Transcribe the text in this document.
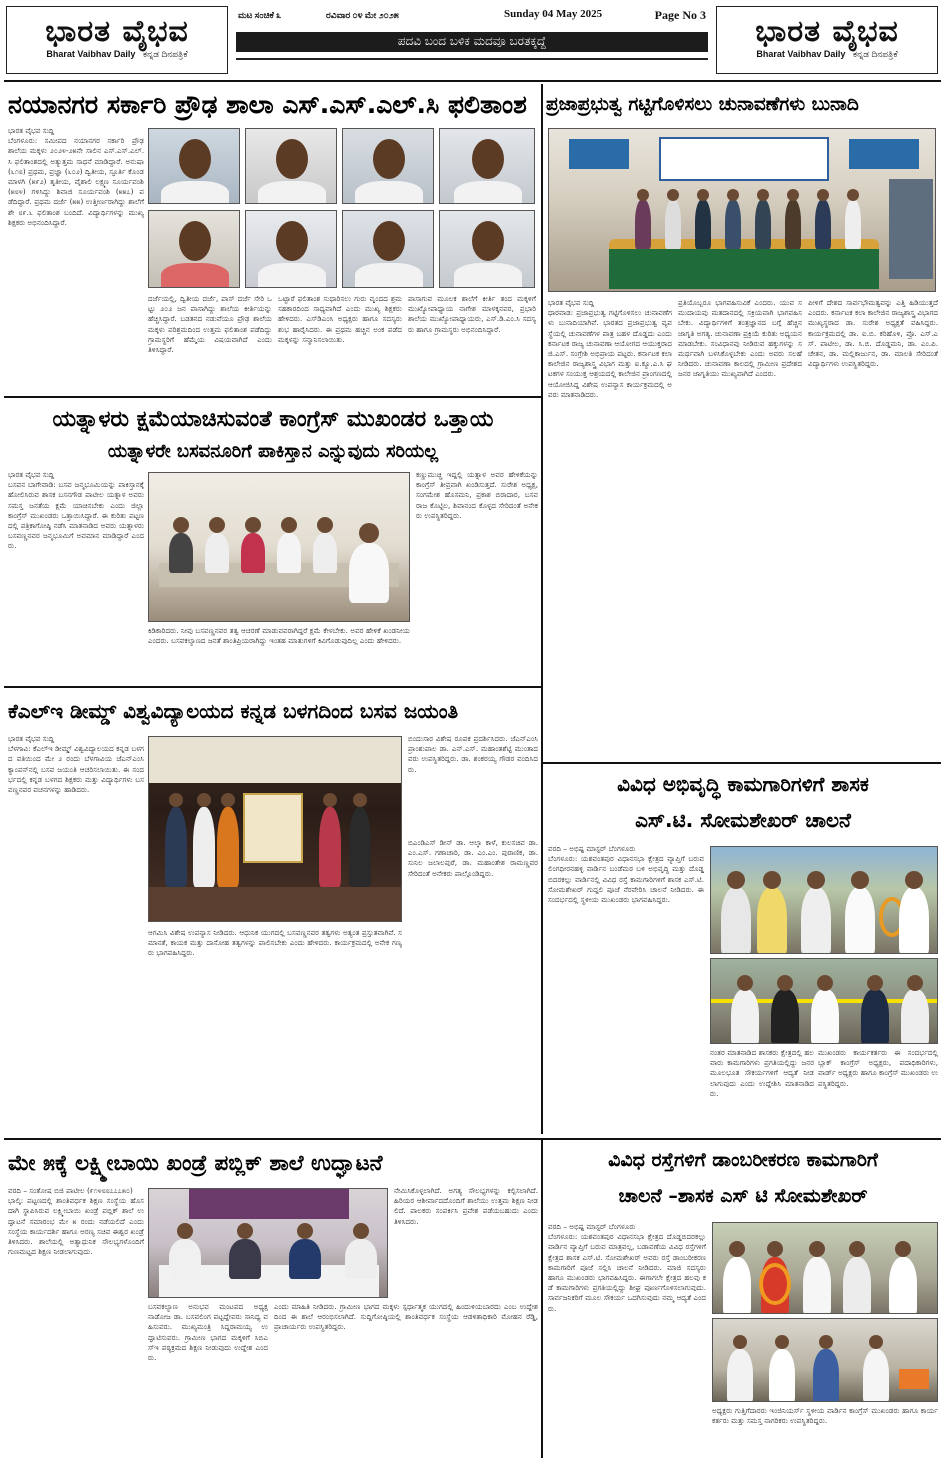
ಭಾರತ ವೈಭವ
Bharat Vaibhav Daily ಕನ್ನಡ ದಿನಪತ್ರಿಕೆ
ಭಾರತ ವೈಭವ
Bharat Vaibhav Daily ಕನ್ನಡ ದಿನಪತ್ರಿಕೆ
ಮಟ ಸಂಚಿಕೆ ೩	ರವಿವಾರ ೦೪ ಮೇ ೨೦೨೫	Sunday 04 May 2025	Page No 3
ಪದವಿ ಬಂದ ಬಳಿಕ ಮದವೂ ಬರತಕ್ಕದ್ದೆ
ನಯಾನಗರ ಸರ್ಕಾರಿ ಪ್ರೌಢ ಶಾಲಾ ಎಸ್.ಎಸ್.ಎಲ್.ಸಿ ಫಲಿತಾಂಶ
ಭಾರತ ವೈಭವ ಸುದ್ದಿ
ಬೆಂಗಳೂರು: ಸಮೀಪದ ನಯಾನಗರ ಸರ್ಕಾರಿ ಪ್ರೌಢ ಶಾಲೆಯ ಮಕ್ಕಳು ೨೦೨೪-೨೫ನೇ ಸಾಲಿನ ಎಸ್.ಎಸ್.ಎಲ್.ಸಿ ಫಲಿತಾಂಶದಲ್ಲಿ ಅತ್ಯುತ್ತಮ ಸಾಧನೆ ಮಾಡಿದ್ದಾರೆ. ಅನುಷಾ (೬೧೮) ಪ್ರಥಮ, ಪ್ರಜ್ಞಾ (೬೦೨) ದ್ವಿತೀಯ, ಸ್ಫೂರ್ತಿ ಕೊಂಡ ಮಾಳಗಿ (೫೯೨) ತೃತೀಯ, ವೈಶಾಲಿ ಲಕ್ಷ್ಮಣ ಸೂರ್ಯವಂಶಿ (೫೮೪) ಗಳಿಸಿದ್ದು ಶಿವಾಜಿ ಸೂರ್ಯವಂಶಿ (೫೫೭) ಪಡೆದಿದ್ದಾರೆ. ಪ್ರಥಮ ದರ್ಜೆ (೫೫) ಉತ್ತೀರ್ಣರಾಗಿದ್ದು ಶಾಲೆಗೆ ಶೇ ೮೯.೬ ಫಲಿತಾಂಶ ಬಂದಿದೆ. ವಿದ್ಯಾರ್ಥಿಗಳನ್ನು ಮುಖ್ಯ ಶಿಕ್ಷಕರು ಅಭಿನಂದಿಸಿದ್ದಾರೆ.
ದರ್ಜೆಯಲ್ಲಿ, ದ್ವಿತೀಯ ದರ್ಜೆ, ಪಾಸ್ ದರ್ಜೆ ಸೇರಿ ಒಟ್ಟು ೨೦೨ ಜನ ಪಾಸಾಗಿದ್ದು ಶಾಲೆಯ ಕೀರ್ತಿಯನ್ನು ಹೆಚ್ಚಿಸಿದ್ದಾರೆ. ಬಡತನದ ನಡುವೆಯೂ ಪ್ರೌಢ ಶಾಲೆಯ ಮಕ್ಕಳು ಪರಿಶ್ರಮದಿಂದ ಉತ್ತಮ ಫಲಿತಾಂಶ ಪಡೆದಿದ್ದು ಗ್ರಾಮಸ್ಥರಿಗೆ ಹೆಮ್ಮೆಯ ವಿಷಯವಾಗಿದೆ ಎಂದು ತಿಳಿಸಿದ್ದಾರೆ.
ಒಟ್ಟಾರೆ ಫಲಿತಾಂಶ ಸುಧಾರಿಸಲು ಗುರು ವೃಂದದ ಶ್ರಮ ಸಹಕಾರದಿಂದ ಸಾಧ್ಯವಾಗಿದೆ ಎಂದು ಮುಖ್ಯ ಶಿಕ್ಷಕರು ಹೇಳಿದರು. ಎಸ್‌ಡಿಎಂಸಿ ಅಧ್ಯಕ್ಷರು ಹಾಗೂ ಸದಸ್ಯರು ಶುಭ ಹಾರೈಸಿದರು. ಈ ಪ್ರಥಮ ಹಚ್ಚಿನ ಅಂಕ ಪಡೆದ ಮಕ್ಕಳನ್ನು ಸನ್ಮಾನಿಸಲಾಯಿತು.
ಪಾಸಾಗುವ ಮೂಲಕ ಶಾಲೆಗೆ ಕೀರ್ತಿ ತಂದ ಮಕ್ಕಳಿಗೆ ಮುಖ್ಯೋಪಾಧ್ಯಾಯ ನಾಗೇಶ ಮಾಳಕ್ಕನವರ, ಪ್ರಭಾರಿ ಶಾಲೆಯ ಮುಖ್ಯೋಪಾಧ್ಯಾಯರು, ಎಸ್.ಡಿ.ಎಂ.ಸಿ ಸದಸ್ಯರು ಹಾಗೂ ಗ್ರಾಮಸ್ಥರು ಅಭಿನಂದಿಸಿದ್ದಾರೆ.
ಪ್ರಜಾಪ್ರಭುತ್ವ ಗಟ್ಟಿಗೊಳಿಸಲು ಚುನಾವಣೆಗಳು ಬುನಾದಿ
ಭಾರತ ವೈಭವ ಸುದ್ದಿ
ಧಾರವಾಡ: ಪ್ರಜಾಪ್ರಭುತ್ವ ಗಟ್ಟಿಗೊಳಿಸಲು ಚುನಾವಣೆಗಳು ಬುನಾದಿಯಾಗಿವೆ. ಭಾರತದ ಪ್ರಜಾಪ್ರಭುತ್ವ ವ್ಯವಸ್ಥೆಯಲ್ಲಿ ಚುನಾವಣೆಗಳ ಪಾತ್ರ ಬಹಳ ದೊಡ್ಡದು ಎಂದು ಕರ್ನಾಟಕ ರಾಜ್ಯ ಚುನಾವಣಾ ಆಯೋಗದ ಆಯುಕ್ತರಾದ ಜಿ.ಎಸ್. ಸಂಗ್ರೇಶಿ ಅಭಿಪ್ರಾಯ ಪಟ್ಟರು. ಕರ್ನಾಟಕ ಕಲಾ ಕಾಲೇಜಿನ ರಾಜ್ಯಶಾಸ್ತ್ರ ವಿಭಾಗ ಮತ್ತು ಐ.ಕ್ಯೂ.ಎ.ಸಿ ಘಟಕಗಳ ಸಂಯುಕ್ತ ಆಶ್ರಯದಲ್ಲಿ ಕಾಲೇಜಿನ ಪ್ರಾಂಗಣದಲ್ಲಿ ಆಯೋಜಿಸಿದ್ದ ವಿಶೇಷ ಉಪನ್ಯಾಸ ಕಾರ್ಯಕ್ರಮದಲ್ಲಿ ಅವರು ಮಾತನಾಡಿದರು.
ಪ್ರತಿಯೊಬ್ಬರೂ ಭಾಗವಹಿಸುವಿಕೆ ಎಂದರು. ಯುವ ಸಮುದಾಯವು ಮತದಾನದಲ್ಲಿ ಸಕ್ರಿಯವಾಗಿ ಭಾಗವಹಿಸಬೇಕು. ವಿದ್ಯಾರ್ಥಿಗಳಿಗೆ ತಂತ್ರಜ್ಞಾನದ ಬಗ್ಗೆ ಹೆಚ್ಚಿನ ಜಾಗೃತಿ ಅಗತ್ಯ. ಚುನಾವಣಾ ಪ್ರಕ್ರಿಯೆ ಕುರಿತು ಅಧ್ಯಯನ ಮಾಡಬೇಕು. ಸಂವಿಧಾನವು ನೀಡಿರುವ ಹಕ್ಕುಗಳನ್ನು ಸಮರ್ಥವಾಗಿ ಬಳಸಿಕೊಳ್ಳಬೇಕು ಎಂದು ಅವರು ಸಲಹೆ ನೀಡಿದರು. ಚುನಾವಣಾ ಕಾಲದಲ್ಲಿ ಗ್ರಾಮೀಣ ಪ್ರದೇಶದ ಜನರ ಜಾಗೃತಿಯು ಮುಖ್ಯವಾಗಿದೆ ಎಂದರು.
ಪೀಳಿಗೆ ದೇಶದ ಸಾರ್ವಭೌಮತ್ವವನ್ನು ಎತ್ತಿ ಹಿಡಿಯುತ್ತದೆ ಎಂದರು. ಕರ್ನಾಟಕ ಕಲಾ ಕಾಲೇಜಿನ ರಾಜ್ಯಶಾಸ್ತ್ರ ವಿಭಾಗದ ಮುಖ್ಯಸ್ಥರಾದ ಡಾ. ಸುರೇಶ ಅಧ್ಯಕ್ಷತೆ ವಹಿಸಿದ್ದರು. ಕಾರ್ಯಕ್ರಮದಲ್ಲಿ ಡಾ. ಐ.ಬಿ. ಕರಿಹೊಳಿ, ಪ್ರೊ. ಎಸ್.ಎಸ್. ಪಾಟೀಲ, ಡಾ. ಸಿ.ಬಿ. ದೊಡ್ಡಮನಿ, ಡಾ. ಎಂ.ಪಿ. ಚೇತನ, ಡಾ. ಮಲ್ಲಿಕಾರ್ಜುನ, ಡಾ. ಮಾಲತಿ ಸೇರಿದಂತೆ ವಿದ್ಯಾರ್ಥಿಗಳು ಉಪಸ್ಥಿತರಿದ್ದರು.
ಯತ್ನಾಳರು ಕ್ಷಮೆಯಾಚಿಸುವಂತೆ ಕಾಂಗ್ರೆಸ್ ಮುಖಂಡರ ಒತ್ತಾಯ
ಯತ್ನಾಳರೇ ಬಸವನೂರಿಗೆ ಪಾಕಿಸ್ತಾನ ಎನ್ನುವುದು ಸರಿಯಲ್ಲ
ಭಾರತ ವೈಭವ ಸುದ್ದಿ
ಬಸವನ ಬಾಗೇವಾಡಿ: ಬಸವ ಜನ್ಮಭೂಮಿಯನ್ನು ಪಾಕಿಸ್ತಾನಕ್ಕೆ ಹೋಲಿಸಿರುವ ಶಾಸಕ ಬಸನಗೌಡ ಪಾಟೀಲ ಯತ್ನಾಳ ಅವರು ಸಮಸ್ತ ಜನತೆಯ ಕ್ಷಮೆ ಯಾಚಿಸಬೇಕು ಎಂದು ಜಿಲ್ಲಾ ಕಾಂಗ್ರೆಸ್ ಮುಖಂಡರು ಒತ್ತಾಯಿಸಿದ್ದಾರೆ. ಈ ಕುರಿತು ಪಟ್ಟಣದಲ್ಲಿ ಪತ್ರಿಕಾಗೋಷ್ಠಿ ನಡೆಸಿ ಮಾತನಾಡಿದ ಅವರು ಯತ್ನಾಳರು ಬಸವಣ್ಣನವರ ಜನ್ಮಭೂಮಿಗೆ ಅವಮಾನ ಮಾಡಿದ್ದಾರೆ ಎಂದರು.
ಕಣ್ಣುಮುಚ್ಚಿ ಇದ್ದಲ್ಲಿ ಯತ್ನಾಳ ಅವರ ಹೇಳಿಕೆಯನ್ನು ಕಾಂಗ್ರೆಸ್ ತೀವ್ರವಾಗಿ ಖಂಡಿಸುತ್ತದೆ. ಸುರೇಶ ಅಧ್ಯಕ್ಷ, ಸಂಗಮೇಶ ಹೊಸಮನಿ, ಪ್ರಕಾಶ ಬಿರಾದಾರ, ಬಸವರಾಜ ಕೊಟ್ಟಿಲ, ಶಿವಾನಂದ ಕೊಳ್ಳದ ಸೇರಿದಂತೆ ಅನೇಕರು ಉಪಸ್ಥಿತರಿದ್ದರು.
ಕಿಡಿಕಾರಿದರು. ನೀವು ಬಸವಣ್ಣನವರ ತತ್ವ ಆಚರಣೆ ಮಾಡುವವರಾಗಿದ್ದರೆ ಕ್ಷಮೆ ಕೇಳಬೇಕು. ಅವರ ಹೇಳಿಕೆ ಖಂಡನೀಯ ಎಂದರು. ಬಸವಕಲ್ಯಾಣದ ಜನತೆ ಶಾಂತಿಪ್ರಿಯರಾಗಿದ್ದು ಇಂತಹ ಮಾತುಗಳಿಗೆ ಕಿವಿಗೊಡುವುದಿಲ್ಲ ಎಂದು ಹೇಳಿದರು.
ಕೆಎಲ್‌ಇ ಡೀಮ್ಡ್ ವಿಶ್ವವಿದ್ಯಾಲಯದ ಕನ್ನಡ ಬಳಗದಿಂದ ಬಸವ ಜಯಂತಿ
ಭಾರತ ವೈಭವ ಸುದ್ದಿ
ಬೆಳಗಾವಿ: ಕೆಎಲ್‌ಇ ಡೀಮ್ಡ್ ವಿಶ್ವವಿದ್ಯಾಲಯದ ಕನ್ನಡ ಬಳಗದ ವತಿಯಿಂದ ಮೇ ೨ ರಂದು ಬೆಳಗಾವಿಯ ಜೆಎನ್‌ಎಂಸಿ ಕ್ಯಾಂಪಸ್‌ನಲ್ಲಿ ಬಸವ ಜಯಂತಿ ಆಚರಿಸಲಾಯಿತು. ಈ ಸಂದರ್ಭದಲ್ಲಿ ಕನ್ನಡ ಬಳಗದ ಶಿಕ್ಷಕರು ಮತ್ತು ವಿದ್ಯಾರ್ಥಿಗಳು ಬಸವಣ್ಣನವರ ವಚನಗಳನ್ನು ಹಾಡಿದರು.
ಬಿಂದುಸಾರ ವಿಶೇಷ ರೂಪಕ ಪ್ರದರ್ಶಿಸಿದರು. ಜೆಎನ್‌ಎಂಸಿ ಪ್ರಾಂಶುಪಾಲ ಡಾ. ಎನ್.ಎಸ್. ಮಹಾಂತಶೆಟ್ಟಿ ಮುಂತಾದವರು ಉಪಸ್ಥಿತರಿದ್ದರು. ಡಾ. ಶಂಕರಯ್ಯ ಗೌಡರ ವಂದಿಸಿದರು.
ಬಿಎಂಡಿಎಸ್ ಡೀನ್ ಡಾ. ಆಲ್ಕಾ ಕಾಳೆ, ಕುಲಸಚಿವ ಡಾ. ಎಂ.ಎಸ್. ಗಣಾಚಾರಿ, ಡಾ. ಎಂ.ಎಂ. ಪುರಾಣಿಕ, ಡಾ. ಸುನಿಲ ಜಲಾಲಪುರೆ, ಡಾ. ಮಹಾಂತೇಶ ರಾಮಣ್ಣವರ ಸೇರಿದಂತೆ ಅನೇಕರು ಪಾಲ್ಗೊಂಡಿದ್ದರು.
ಆಗಮಿಸಿ ವಿಶೇಷ ಉಪನ್ಯಾಸ ನೀಡಿದರು. ಆಧುನಿಕ ಯುಗದಲ್ಲಿ ಬಸವಣ್ಣನವರ ತತ್ವಗಳು ಅತ್ಯಂತ ಪ್ರಸ್ತುತವಾಗಿವೆ. ಸಮಾನತೆ, ಕಾಯಕ ಮತ್ತು ದಾಸೋಹ ತತ್ವಗಳನ್ನು ಪಾಲಿಸಬೇಕು ಎಂದು ಹೇಳಿದರು. ಕಾರ್ಯಕ್ರಮದಲ್ಲಿ ಅನೇಕ ಗಣ್ಯರು ಭಾಗವಹಿಸಿದ್ದರು.
ವಿವಿಧ ಅಭಿವೃದ್ಧಿ ಕಾಮಗಾರಿಗಳಿಗೆ ಶಾಸಕ
ಎಸ್.ಟಿ. ಸೋಮಶೇಖರ್ ಚಾಲನೆ
ವರದಿ – ಅಭಿಷ್ಟ ಮಾಸ್ಟರ್ ಬೆಂಗಳೂರು
ಬೆಂಗಳೂರು: ಯಶವಂತಪುರ ವಿಧಾನಸಭಾ ಕ್ಷೇತ್ರದ ವ್ಯಾಪ್ತಿಗೆ ಬರುವ ಲಿಂಗಧೀರನಹಳ್ಳಿ ವಾರ್ಡಿನ ಬಂಡೆಮಠ ಬಳಿ ಅಭಿವೃದ್ಧಿ ಮತ್ತು ದೊಡ್ಡ ಬಿದರಕಲ್ಲು ವಾರ್ಡಿನಲ್ಲಿ ವಿವಿಧ ರಸ್ತೆ ಕಾಮಗಾರಿಗಳಿಗೆ ಶಾಸಕ ಎಸ್.ಟಿ. ಸೋಮಶೇಖರ್ ಗುದ್ದಲಿ ಪೂಜೆ ನೆರವೇರಿಸಿ ಚಾಲನೆ ನೀಡಿದರು. ಈ ಸಂದರ್ಭದಲ್ಲಿ ಸ್ಥಳೀಯ ಮುಖಂಡರು ಭಾಗವಹಿಸಿದ್ದರು.
ನಂತರ ಮಾತನಾಡಿದ ಶಾಸಕರು ಕ್ಷೇತ್ರದಲ್ಲಿ ಹಲವಾರು ಕಾಮಗಾರಿಗಳು ಪ್ರಗತಿಯಲ್ಲಿದ್ದು ಜನರ ಮೂಲಭೂತ ಸೌಕರ್ಯಗಳಿಗೆ ಆದ್ಯತೆ ನೀಡಲಾಗುವುದು ಎಂದು ಉದ್ದೇಶಿಸಿ ಮಾತನಾಡಿದರು.
ಮುಖಂಡರು ಕಾರ್ಯಕರ್ತರು ಈ ಸಂದರ್ಭದಲ್ಲಿ ಬ್ಲಾಕ್ ಕಾಂಗ್ರೆಸ್ ಅಧ್ಯಕ್ಷರು, ಪದಾಧಿಕಾರಿಗಳು, ವಾರ್ಡ್ ಅಧ್ಯಕ್ಷರು ಹಾಗೂ ಕಾಂಗ್ರೆಸ್ ಮುಖಂಡರು ಉಪಸ್ಥಿತರಿದ್ದರು.
ಮೇ ೫ಕ್ಕೆ ಲಕ್ಷ್ಮೀಬಾಯಿ ಖಂಡ್ರೆ ಪಬ್ಲಿಕ್ ಶಾಲೆ ಉದ್ಘಾಟನೆ
ವರದಿ – ಸಂತೋಷ ಬಿಜಿ ಪಾಟೀಲ (೯೧೪೮೮೭೭೭೫೦)
ಭಾಲ್ಕಿ: ಪಟ್ಟಣದಲ್ಲಿ ಶಾಂತಿವರ್ಧಕ ಶಿಕ್ಷಣ ಸಂಸ್ಥೆಯ ಹೊಸದಾಗಿ ಸ್ಥಾಪಿಸಿರುವ ಲಕ್ಷ್ಮೀಬಾಯಿ ಖಂಡ್ರೆ ಪಬ್ಲಿಕ್ ಶಾಲೆ ಉದ್ಘಾಟನೆ ಸಮಾರಂಭ ಮೇ ೫ ರಂದು ನಡೆಯಲಿದೆ ಎಂದು ಸಂಸ್ಥೆಯ ಕಾರ್ಯದರ್ಶಿ ಹಾಗೂ ಅರಣ್ಯ ಸಚಿವ ಈಶ್ವರ ಖಂಡ್ರೆ ತಿಳಿಸಿದರು. ಶಾಲೆಯಲ್ಲಿ ಅತ್ಯಾಧುನಿಕ ಸೌಲಭ್ಯಗಳೊಂದಿಗೆ ಗುಣಮಟ್ಟದ ಶಿಕ್ಷಣ ನೀಡಲಾಗುವುದು.
ನೇಮಿಸಿಕೊಳ್ಳಲಾಗಿದೆ. ಅಗತ್ಯ ಸೌಲಭ್ಯಗಳನ್ನು ಕಲ್ಪಿಸಲಾಗಿದೆ. ಹಿರಿಯರ ಆಶೀರ್ವಾದದೊಂದಿಗೆ ಶಾಲೆಯು ಉತ್ತಮ ಶಿಕ್ಷಣ ನೀಡಲಿದೆ. ಪಾಲಕರು ಸಂಪರ್ಕಿಸಿ ಪ್ರವೇಶ ಪಡೆಯಬಹುದು ಎಂದು ತಿಳಿಸಿದರು.
ಬಸವಕಲ್ಯಾಣ ಅನುಭವ ಮಂಟಪದ ಅಧ್ಯಕ್ಷ ನಾಡೋಜ ಡಾ. ಬಸವಲಿಂಗ ಪಟ್ಟದ್ದೇವರು ಸಾನಿಧ್ಯ ವಹಿಸುವರು. ಮುಖ್ಯಮಂತ್ರಿ ಸಿದ್ದರಾಮಯ್ಯ ಉದ್ಘಾಟಿಸುವರು. ಗ್ರಾಮೀಣ ಭಾಗದ ಮಕ್ಕಳಿಗೆ ಸಿಬಿಎಸ್‌ಇ ಪಠ್ಯಕ್ರಮದ ಶಿಕ್ಷಣ ನೀಡುವುದು ಉದ್ದೇಶ ಎಂದರು.
ಎಂದು ಮಾಹಿತಿ ನೀಡಿದರು. ಗ್ರಾಮೀಣ ಭಾಗದ ಮಕ್ಕಳು ಸ್ಪರ್ಧಾತ್ಮಕ ಯುಗದಲ್ಲಿ ಹಿಂದುಳಿಯಬಾರದು ಎಂಬ ಉದ್ದೇಶದಿಂದ ಈ ಶಾಲೆ ಆರಂಭಿಸಲಾಗಿದೆ. ಸುದ್ದಿಗೋಷ್ಠಿಯಲ್ಲಿ ಶಾಂತಿವರ್ಧಕ ಸಂಸ್ಥೆಯ ಆಡಳಿತಾಧಿಕಾರಿ ಮೋಹನ ರೆಡ್ಡಿ, ಪ್ರಾಚಾರ್ಯರು ಉಪಸ್ಥಿತರಿದ್ದರು.
ವಿವಿಧ ರಸ್ತೆಗಳಿಗೆ ಡಾಂಬರೀಕರಣ ಕಾಮಗಾರಿಗೆ
ಚಾಲನೆ –ಶಾಸಕ ಎಸ್ ಟಿ ಸೋಮಶೇಖರ್
ವರದಿ – ಅಭಿಷ್ಟ ಮಾಸ್ಟರ್ ಬೆಂಗಳೂರು
ಬೆಂಗಳೂರು: ಯಶವಂತಪುರ ವಿಧಾನಸಭಾ ಕ್ಷೇತ್ರದ ದೊಡ್ಡಬಿದರಕಲ್ಲು ವಾರ್ಡಿನ ವ್ಯಾಪ್ತಿಗೆ ಬರುವ ಮಾತ್ರವಲ್ಲ, ಬಡಾವಣೆಯ ವಿವಿಧ ರಸ್ತೆಗಳಿಗೆ ಕ್ಷೇತ್ರದ ಶಾಸಕ ಎಸ್.ಟಿ. ಸೋಮಶೇಖರ್ ಅವರು ರಸ್ತೆ ಡಾಂಬರೀಕರಣ ಕಾಮಗಾರಿಗೆ ಪೂಜೆ ಸಲ್ಲಿಸಿ ಚಾಲನೆ ನೀಡಿದರು. ಮಾಜಿ ಸದಸ್ಯರು ಹಾಗೂ ಮುಖಂಡರು ಭಾಗವಹಿಸಿದ್ದರು. ಈಗಾಗಲೇ ಕ್ಷೇತ್ರದ ಹಲವು ಕಡೆ ಕಾಮಗಾರಿಗಳು ಪ್ರಗತಿಯಲ್ಲಿದ್ದು ಶೀಘ್ರ ಪೂರ್ಣಗೊಳಿಸಲಾಗುವುದು. ಸಾರ್ವಜನಿಕರಿಗೆ ಮೂಲ ಸೌಕರ್ಯ ಒದಗಿಸುವುದು ನಮ್ಮ ಆದ್ಯತೆ ಎಂದರು.
ಅಧ್ಯಕ್ಷರು ಗುತ್ತಿಗೆದಾರರು ಇಂಜಿನಿಯರ್ಸ್ ಸ್ಥಳೀಯ ವಾರ್ಡಿನ ಕಾಂಗ್ರೆಸ್ ಮುಖಂಡರು ಹಾಗೂ ಕಾರ್ಯಕರ್ತರು ಮತ್ತು ಸಮಸ್ತ ನಾಗರಿಕರು ಉಪಸ್ಥಿತರಿದ್ದರು.
